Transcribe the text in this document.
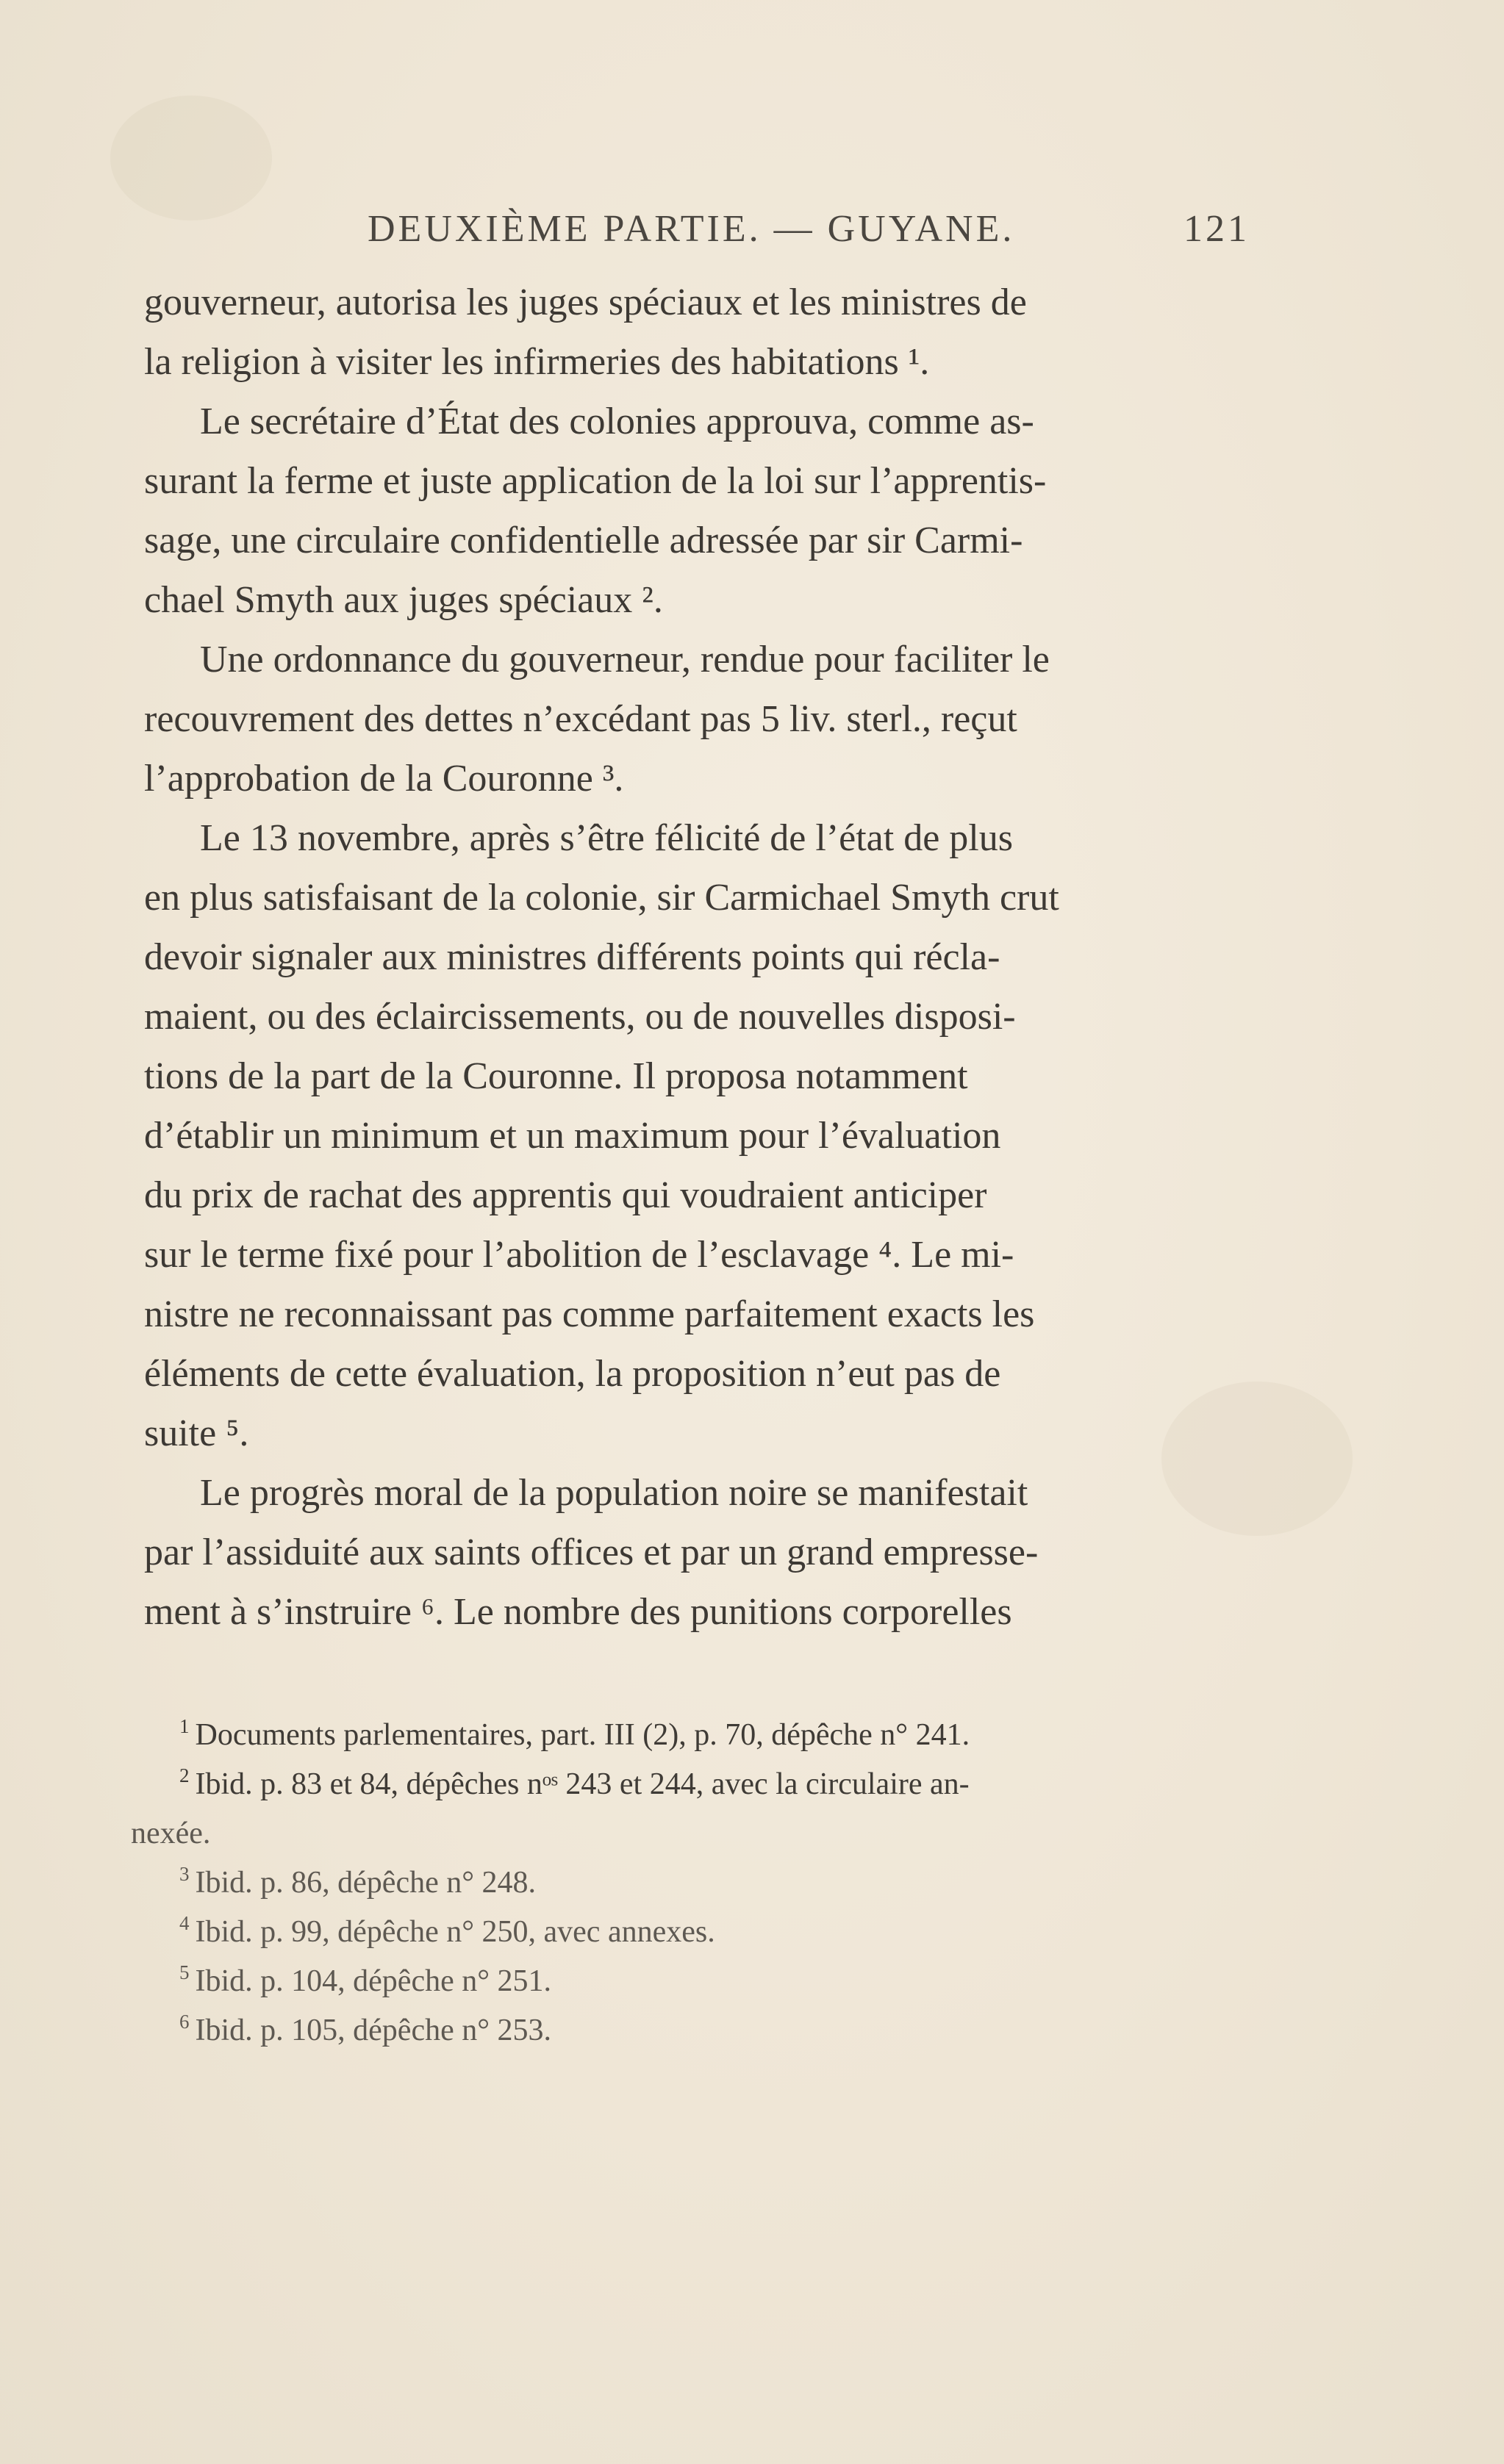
DEUXIÈME PARTIE. — GUYANE.	121
gouverneur, autorisa les juges spéciaux et les ministres de
la religion à visiter les infirmeries des habitations ¹.
Le secrétaire d’État des colonies approuva, comme as-
surant la ferme et juste application de la loi sur l’apprentis-
sage, une circulaire confidentielle adressée par sir Carmi-
chael Smyth aux juges spéciaux ².
Une ordonnance du gouverneur, rendue pour faciliter le
recouvrement des dettes n’excédant pas 5 liv. sterl., reçut
l’approbation de la Couronne ³.
Le 13 novembre, après s’être félicité de l’état de plus
en plus satisfaisant de la colonie, sir Carmichael Smyth crut
devoir signaler aux ministres différents points qui récla-
maient, ou des éclaircissements, ou de nouvelles disposi-
tions de la part de la Couronne. Il proposa notamment
d’établir un minimum et un maximum pour l’évaluation
du prix de rachat des apprentis qui voudraient anticiper
sur le terme fixé pour l’abolition de l’esclavage ⁴. Le mi-
nistre ne reconnaissant pas comme parfaitement exacts les
éléments de cette évaluation, la proposition n’eut pas de
suite ⁵.
Le progrès moral de la population noire se manifestait
par l’assiduité aux saints offices et par un grand empresse-
ment à s’instruire ⁶. Le nombre des punitions corporelles
$^1$ Documents parlementaires, part. III (2), p. 70, dépêche n° 241.
$^2$ Ibid. p. 83 et 84, dépêches nᵒˢ 243 et 244, avec la circulaire an-
nexée.
$^3$ Ibid. p. 86, dépêche n° 248.
$^4$ Ibid. p. 99, dépêche n° 250, avec annexes.
$^5$ Ibid. p. 104, dépêche n° 251.
$^6$ Ibid. p. 105, dépêche n° 253.
